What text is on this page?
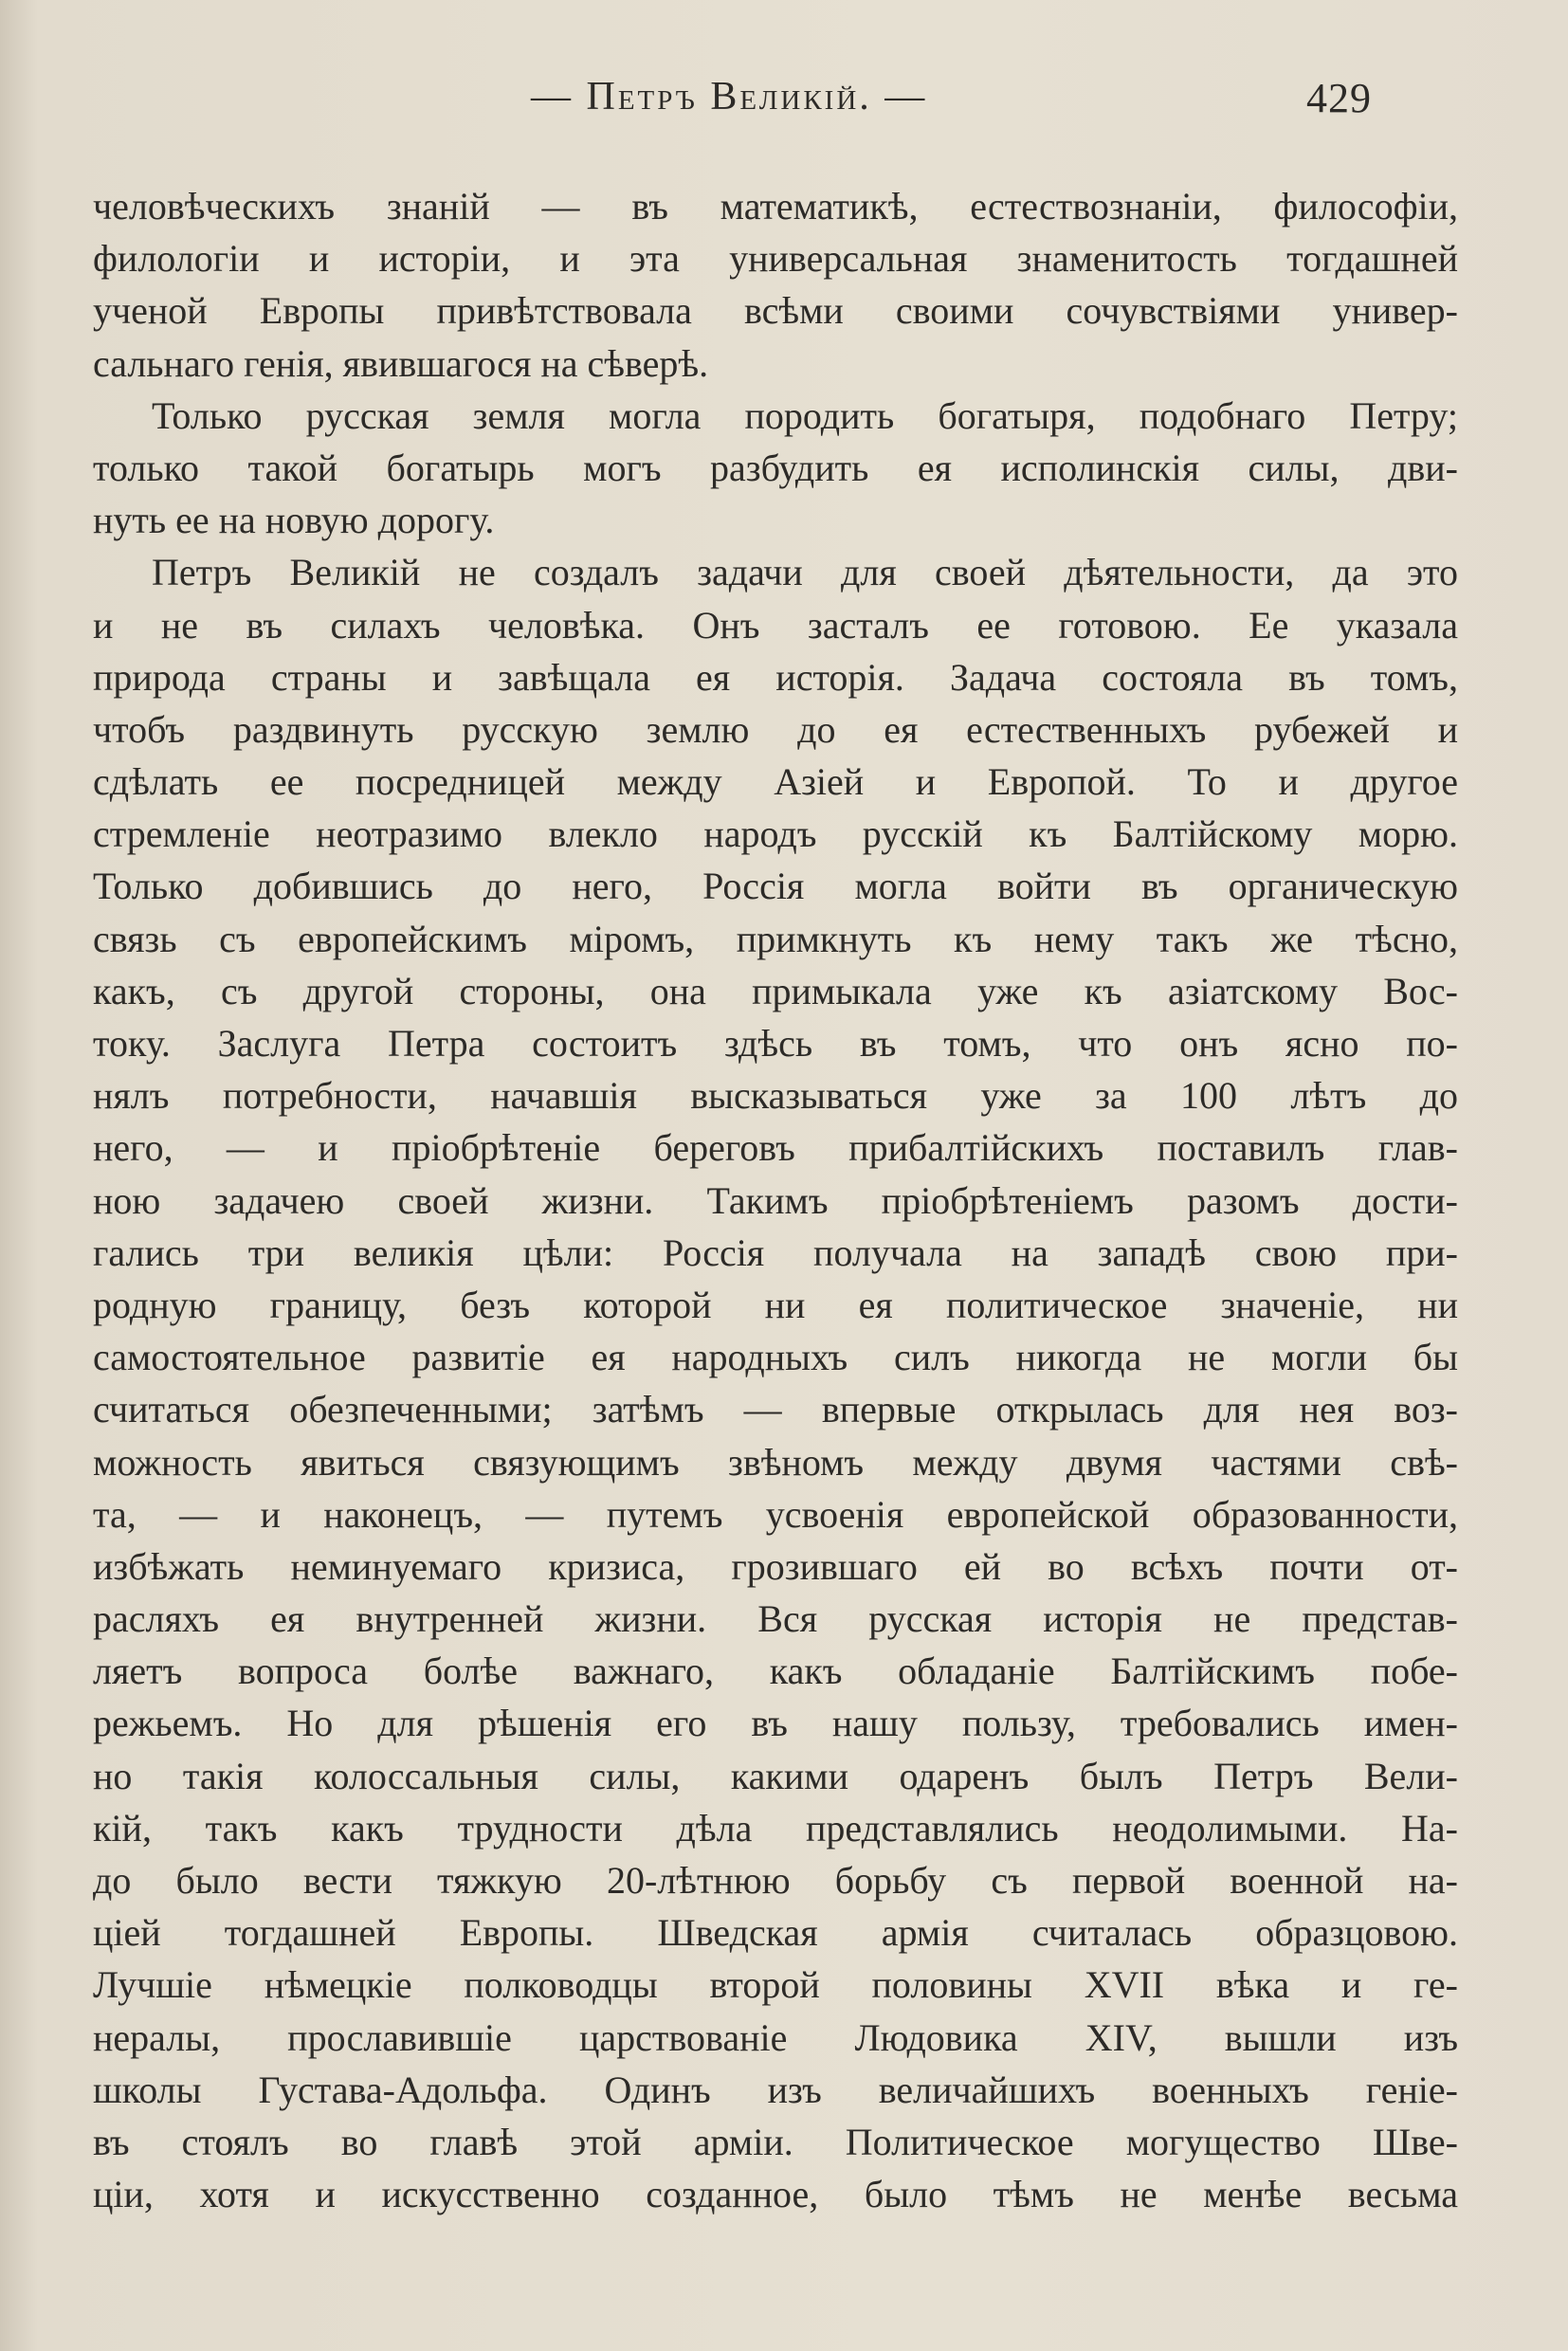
— Петръ Великій. —	429
человѣческихъ знаній — въ математикѣ, естествознаніи, философіи,
филологіи и исторіи, и эта универсальная знаменитость тогдашней
ученой Европы привѣтствовала всѣми своими сочувствіями универ-
сальнаго генія, явившагося на сѣверѣ.
Только русская земля могла породить богатыря, подобнаго Петру;
только такой богатырь могъ разбудить ея исполинскія силы, дви-
нуть ее на новую дорогу.
Петръ Великій не создалъ задачи для своей дѣятельности, да это
и не въ силахъ человѣка. Онъ засталъ ее готовою. Ее указала
природа страны и завѣщала ея исторія. Задача состояла въ томъ,
чтобъ раздвинуть русскую землю до ея естественныхъ рубежей и
сдѣлать ее посредницей между Азіей и Европой. То и другое
стремленіе неотразимо влекло народъ русскій къ Балтійскому морю.
Только добившись до него, Россія могла войти въ органическую
связь съ европейскимъ міромъ, примкнуть къ нему такъ же тѣсно,
какъ, съ другой стороны, она примыкала уже къ азіатскому Вос-
току. Заслуга Петра состоитъ здѣсь въ томъ, что онъ ясно по-
нялъ потребности, начавшія высказываться уже за 100 лѣтъ до
него, — и пріобрѣтеніе береговъ прибалтійскихъ поставилъ глав-
ною задачею своей жизни. Такимъ пріобрѣтеніемъ разомъ дости-
гались три великія цѣли: Россія получала на западѣ свою при-
родную границу, безъ которой ни ея политическое значеніе, ни
самостоятельное развитіе ея народныхъ силъ никогда не могли бы
считаться обезпеченными; затѣмъ — впервые открылась для нея воз-
можность явиться связующимъ звѣномъ между двумя частями свѣ-
та, — и наконецъ, — путемъ усвоенія европейской образованности,
избѣжать неминуемаго кризиса, грозившаго ей во всѣхъ почти от-
расляхъ ея внутренней жизни. Вся русская исторія не представ-
ляетъ вопроса болѣе важнаго, какъ обладаніе Балтійскимъ побе-
режьемъ. Но для рѣшенія его въ нашу пользу, требовались имен-
но такія колоссальныя силы, какими одаренъ былъ Петръ Вели-
кій, такъ какъ трудности дѣла представлялись неодолимыми. На-
до было вести тяжкую 20-лѣтнюю борьбу съ первой военной на-
ціей тогдашней Европы. Шведская армія считалась образцовою.
Лучшіе нѣмецкіе полководцы второй половины XVII вѣка и ге-
нералы, прославившіе царствованіе Людовика XIV, вышли изъ
школы Густава-Адольфа. Одинъ изъ величайшихъ военныхъ геніе-
въ стоялъ во главѣ этой арміи. Политическое могущество Шве-
ціи, хотя и искусственно созданное, было тѣмъ не менѣе весьма
